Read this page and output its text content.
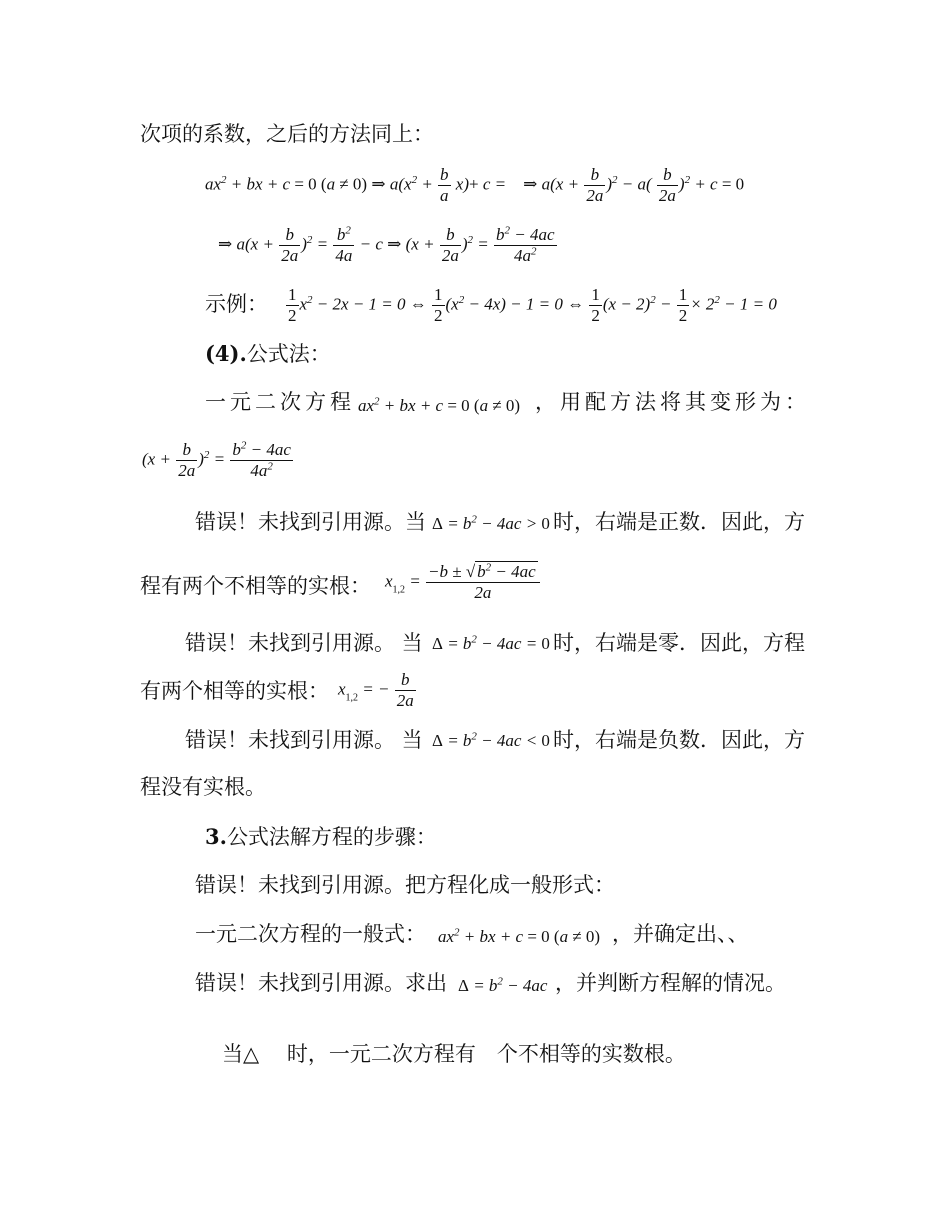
次项的系数，之后的方法同上：
$ax^2$ + bx + c = 0 (a ≠ 0) ⇒ $a(x^2 + \frac{b}{a} x)+ c$ =    ⇒ $a(x + \frac{b}{2a} )^2 - a( \frac{b}{2a} )^2 + c = 0$
⇒ $a(x + \frac{b}{2a} )^2 = \frac{b^2}{4a} - c$ ⇒ $(x + \frac{b}{2a} )^2 = \frac{b^2 - 4ac}{4a^2}$
示例： $\frac{1}{2} x^2 - 2x - 1 = 0$ ⇔ $\frac{1}{2} (x^2 - 4x) - 1 = 0$ ⇔ $\frac{1}{2} (x - 2)^2 - \frac{1}{2} \times 2^2 - 1 = 0$
(4).公式法：
一元二次方程 $ax^2$ + bx + c = 0 (a ≠ 0) ，用配方法将其变形为：
$(x + \frac{b}{2a} )^2 = \frac{b^2 - 4ac}{4a^2}$
错误！未找到引用源。当 $\Delta = b^2 - 4ac > 0$ 时，右端是正数．因此，方
程有两个不相等的实根： $x_{1,2} = \frac{-b \pm √ b^2 - 4ac}{2a}$
错误！未找到引用源。 当 $\Delta = b^2 - 4ac = 0$ 时，右端是零．因此，方程
有两个相等的实根： $x_{1,2}$ = − $\frac{b}{2a}$
错误！未找到引用源。 当 $\Delta = b^2 - 4ac < 0$ 时，右端是负数．因此，方
程没有实根。
3.公式法解方程的步骤：
错误！未找到引用源。把方程化成一般形式：
一元二次方程的一般式： $ax^2$ + bx + c = 0 (a ≠ 0) ，并确定出、、
错误！未找到引用源。求出 $\Delta = b^2 - 4ac$ ，并判断方程解的情况。
当△　 时，一元二次方程有　个不相等的实数根。
